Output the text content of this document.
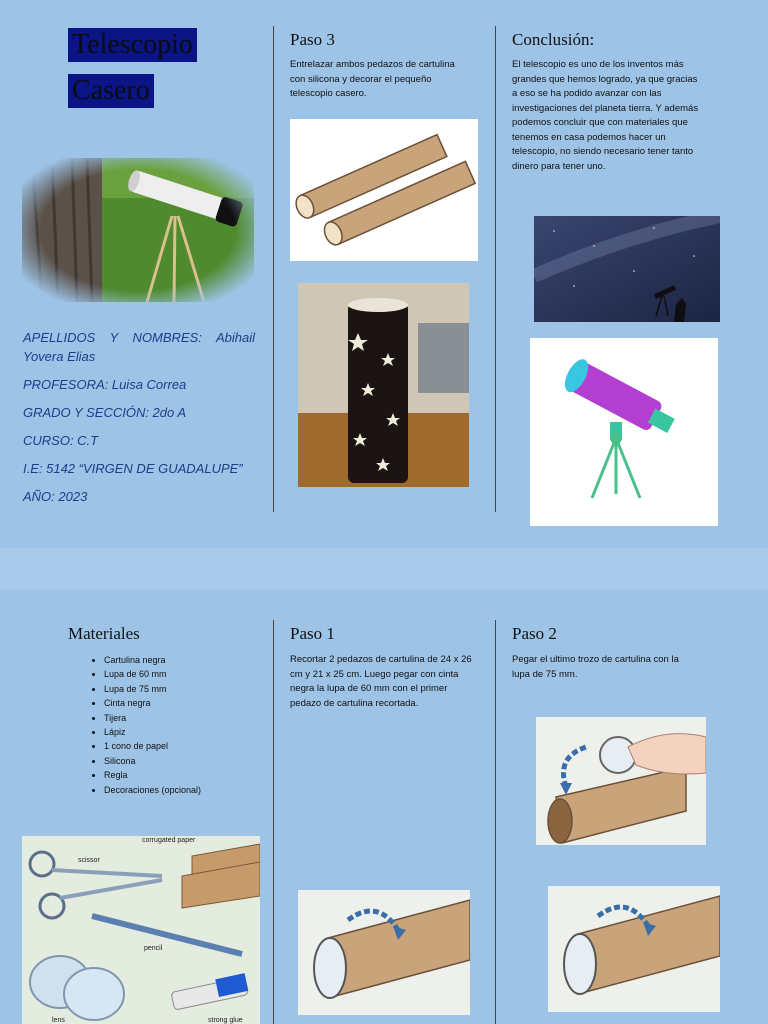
Telescopio
Casero
APELLIDOS Y NOMBRES: Abihail Yovera Elias
PROFESORA: Luisa Correa
GRADO Y SECCIÓN: 2do A
CURSO: C.T
I.E: 5142 “VIRGEN DE GUADALUPE”
AÑO: 2023
Paso 3
Entrelazar ambos pedazos de cartulina con silicona y decorar el pequeño telescopio casero.
Conclusión:
El telescopio es uno de los inventos más grandes que hemos logrado, ya que gracias a eso se ha podido avanzar con las investigaciones del planeta tierra. Y además podemos concluir que con materiales que tenemos en casa podemos hacer un telescopio, no siendo necesario tener tanto dinero para tener uno.
Materiales
• Cartulina negra
• Lupa de 60 mm
• Lupa de 75 mm
• Cinta negra
• Tijera
• Lápiz
• 1 cono de papel
• Silicona
• Regla
• Decoraciones (opcional)
corrugated paper
scissor
pencil
lens	strong glue
Paso 1
Recortar 2 pedazos de cartulina de 24 x 26 cm y 21 x 25 cm. Luego pegar con cinta negra la lupa de 60 mm con el primer pedazo de cartulina recortada.
Paso 2
Pegar el ultimo trozo de cartulina con la lupa de 75 mm.
